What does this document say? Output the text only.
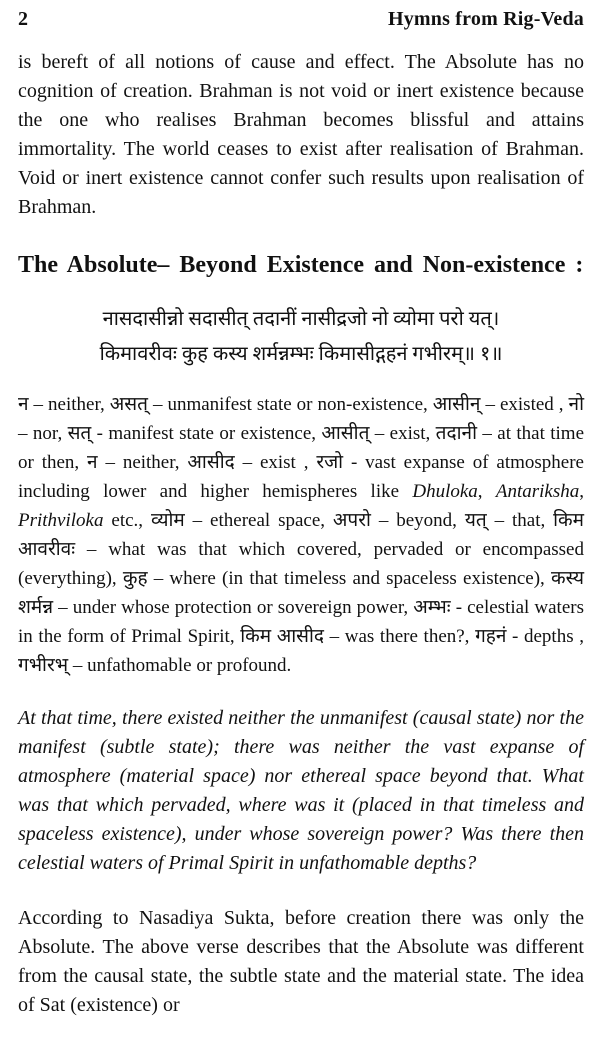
2	Hymns from Rig-Veda

is bereft of all notions of cause and effect. The Absolute has no cognition of creation. Brahman is not void or inert existence because the one who realises Brahman becomes blissful and attains immortality. The world ceases to exist after realisation of Brahman. Void or inert existence cannot confer such results upon realisation of Brahman.

The Absolute– Beyond Existence and Non-existence :
नासदासीन्नो सदासीत् तदानीं नासीद्रजो नो व्योमा परो यत्।
किमावरीवः कुह कस्य शर्मन्नम्भः किमासीद्गहनं गभीरम्॥ १॥

न – neither, असत् – unmanifest state or non-existence, आसीन् – existed , नो – nor, सत् - manifest state or existence, आसीत् – exist, तदानी – at that time or then, न – neither, आसीद – exist , रजो - vast expanse of atmosphere including lower and higher hemispheres like Dhuloka, Antariksha, Prithviloka etc., व्योम – ethereal space, अपरो – beyond, यत् – that, किम आवरीवः – what was that which covered, pervaded or encompassed (everything), कुह – where (in that timeless and spaceless existence), कस्य शर्मन्न – under whose protection or sovereign power, अम्भः - celestial waters in the form of Primal Spirit, किम आसीद – was there then?, गहनं - depths , गभीरभ् – unfathomable or profound.

At that time, there existed neither the unmanifest (causal state) nor the manifest (subtle state); there was neither the vast expanse of atmosphere (material space) nor ethereal space beyond that. What was that which pervaded, where was it (placed in that timeless and spaceless existence), under whose sovereign power? Was there then celestial waters of Primal Spirit in unfathomable depths?

According to Nasadiya Sukta, before creation there was only the Absolute. The above verse describes that the Absolute was different from the causal state, the subtle state and the material state. The idea of Sat (existence) or
